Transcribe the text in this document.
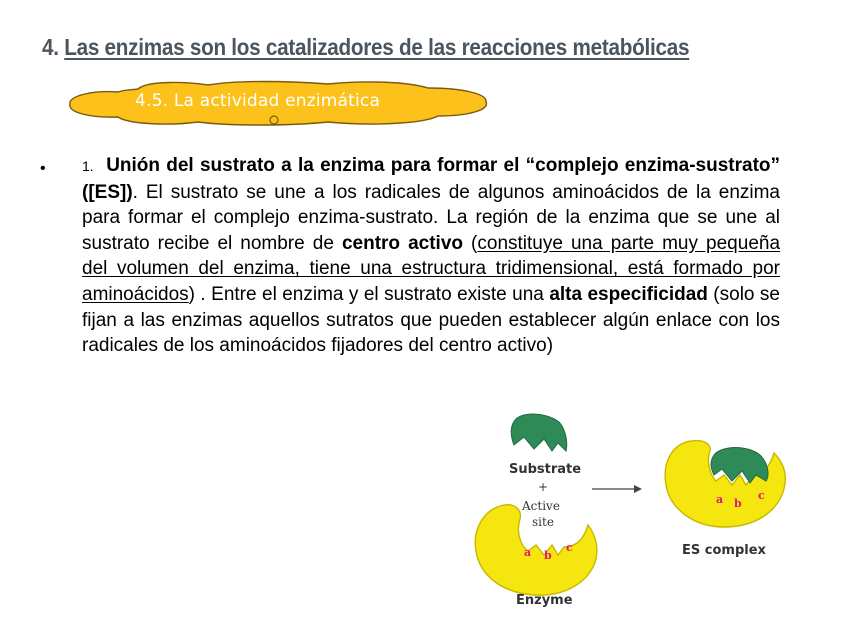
4. Las enzimas son los catalizadores de las reacciones metabólicas
4.5. La actividad enzimática
•	1. Unión del sustrato a la enzima para formar el “complejo enzima-sustrato” ([ES]). El sustrato se une a los radicales de algunos aminoácidos de la enzima para formar el complejo enzima-sustrato. La región de la enzima que se une al sustrato recibe el nombre de centro activo (constituye una parte muy pequeña del volumen del enzima, tiene una estructura tridimensional, está formado por aminoácidos) . Entre el enzima y el sustrato existe una alta especificidad (solo se fijan a las enzimas aquellos sutratos que pueden establecer algún enlace con los radicales de los aminoácidos fijadores del centro activo)
Substrate
+
Active
site
a b
c
Enzyme
a b
c
ES complex
